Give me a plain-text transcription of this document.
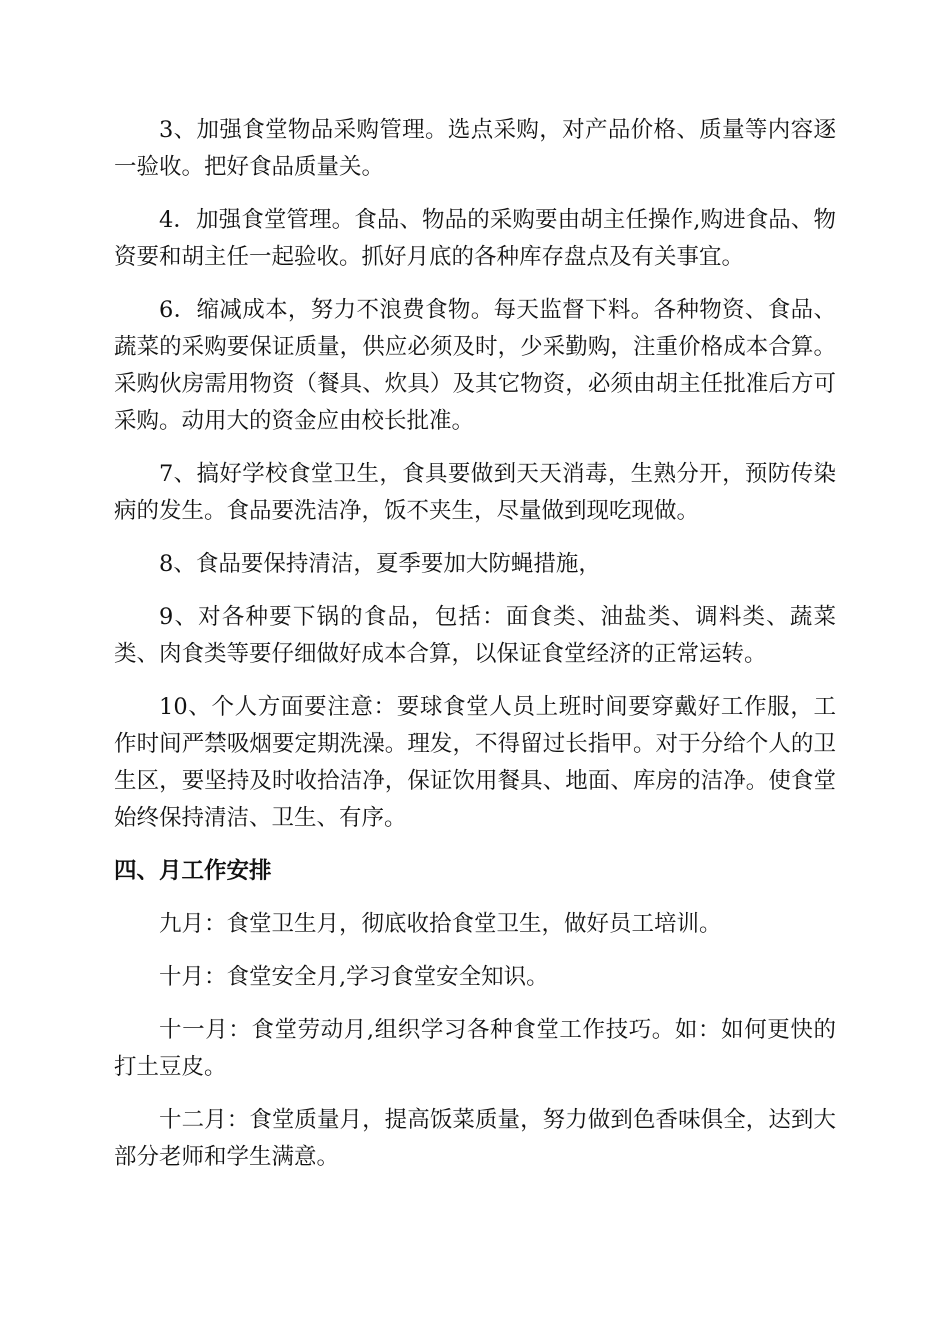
3、加强食堂物品采购管理。选点采购，对产品价格、质量等内容逐一验收。把好食品质量关。

4．加强食堂管理。食品、物品的采购要由胡主任操作,购进食品、物资要和胡主任一起验收。抓好月底的各种库存盘点及有关事宜。

6．缩减成本，努力不浪费食物。每天监督下料。各种物资、食品、蔬菜的采购要保证质量，供应必须及时，少采勤购，注重价格成本合算。采购伙房需用物资（餐具、炊具）及其它物资，必须由胡主任批准后方可采购。动用大的资金应由校长批准。

7、搞好学校食堂卫生，食具要做到天天消毒，生熟分开，预防传染病的发生。食品要洗洁净，饭不夹生，尽量做到现吃现做。

8、食品要保持清洁，夏季要加大防蝇措施，

9、对各种要下锅的食品，包括：面食类、油盐类、调料类、蔬菜类、肉食类等要仔细做好成本合算，以保证食堂经济的正常运转。

10、个人方面要注意：要球食堂人员上班时间要穿戴好工作服，工作时间严禁吸烟要定期洗澡。理发，不得留过长指甲。对于分给个人的卫生区，要坚持及时收拾洁净，保证饮用餐具、地面、库房的洁净。使食堂始终保持清洁、卫生、有序。

四、月工作安排

九月：食堂卫生月，彻底收拾食堂卫生，做好员工培训。

十月：食堂安全月,学习食堂安全知识。

十一月：食堂劳动月,组织学习各种食堂工作技巧。如：如何更快的打土豆皮。

十二月：食堂质量月，提高饭菜质量，努力做到色香味俱全，达到大部分老师和学生满意。
